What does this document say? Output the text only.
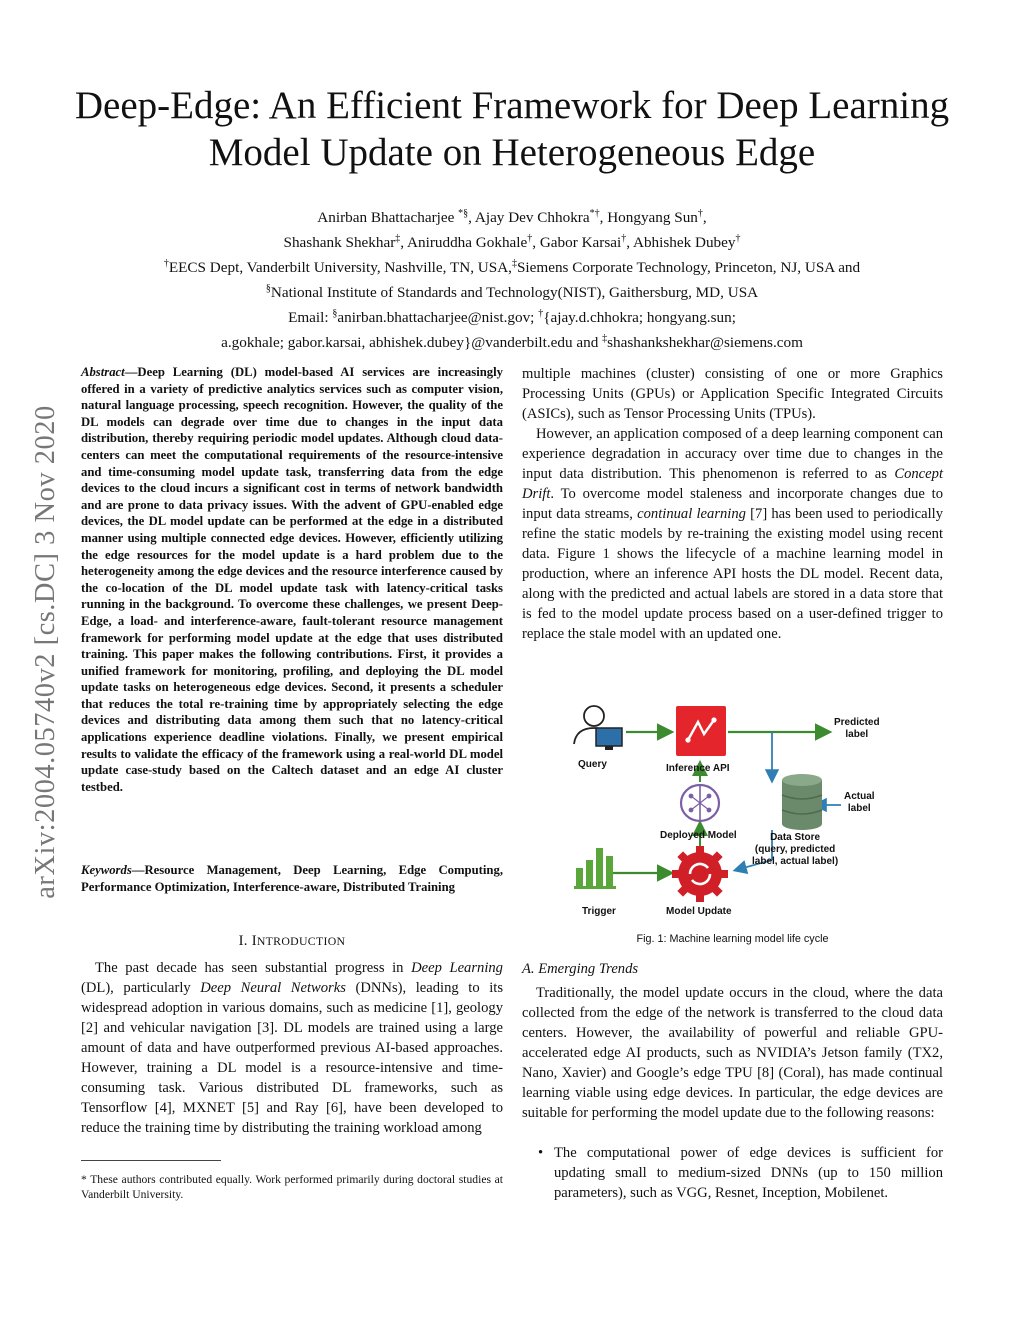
Deep-Edge: An Efficient Framework for Deep Learning Model Update on Heterogeneous Edge
Anirban Bhattacharjee *§, Ajay Dev Chhokra*†, Hongyang Sun†,
Shashank Shekhar‡, Aniruddha Gokhale†, Gabor Karsai†, Abhishek Dubey†
†EECS Dept, Vanderbilt University, Nashville, TN, USA,‡Siemens Corporate Technology, Princeton, NJ, USA and
§National Institute of Standards and Technology(NIST), Gaithersburg, MD, USA
Email: §anirban.bhattacharjee@nist.gov; †{ajay.d.chhokra; hongyang.sun;
a.gokhale; gabor.karsai, abhishek.dubey}@vanderbilt.edu and ‡shashankshekhar@siemens.com
arXiv:2004.05740v2 [cs.DC] 3 Nov 2020
Abstract—Deep Learning (DL) model-based AI services are increasingly offered in a variety of predictive analytics services such as computer vision, natural language processing, speech recognition. However, the quality of the DL models can degrade over time due to changes in the input data distribution, thereby requiring periodic model updates. Although cloud data-centers can meet the computational requirements of the resource-intensive and time-consuming model update task, transferring data from the edge devices to the cloud incurs a significant cost in terms of network bandwidth and are prone to data privacy issues. With the advent of GPU-enabled edge devices, the DL model update can be performed at the edge in a distributed manner using multiple connected edge devices. However, efficiently utilizing the edge resources for the model update is a hard problem due to the heterogeneity among the edge devices and the resource interference caused by the co-location of the DL model update task with latency-critical tasks running in the background. To overcome these challenges, we present Deep-Edge, a load- and interference-aware, fault-tolerant resource management framework for performing model update at the edge that uses distributed training. This paper makes the following contributions. First, it provides a unified framework for monitoring, profiling, and deploying the DL model update tasks on heterogeneous edge devices. Second, it presents a scheduler that reduces the total re-training time by appropriately selecting the edge devices and distributing data among them such that no latency-critical applications experience deadline violations. Finally, we present empirical results to validate the efficacy of the framework using a real-world DL model update case-study based on the Caltech dataset and an edge AI cluster testbed.
Keywords—Resource Management, Deep Learning, Edge Computing, Performance Optimization, Interference-aware, Distributed Training
I. INTRODUCTION
The past decade has seen substantial progress in Deep Learning (DL), particularly Deep Neural Networks (DNNs), leading to its widespread adoption in various domains, such as medicine [1], geology [2] and vehicular navigation [3]. DL models are trained using a large amount of data and have outperformed previous AI-based approaches. However, training a DL model is a resource-intensive and time-consuming task. Various distributed DL frameworks, such as Tensorflow [4], MXNET [5] and Ray [6], have been developed to reduce the training time by distributing the training workload among
* These authors contributed equally. Work performed primarily during doctoral studies at Vanderbilt University.
multiple machines (cluster) consisting of one or more Graphics Processing Units (GPUs) or Application Specific Integrated Circuits (ASICs), such as Tensor Processing Units (TPUs).
However, an application composed of a deep learning component can experience degradation in accuracy over time due to changes in the input data distribution. This phenomenon is referred to as Concept Drift. To overcome model staleness and incorporate changes due to input data streams, continual learning [7] has been used to periodically refine the static models by re-training the existing model using recent data. Figure 1 shows the lifecycle of a machine learning model in production, where an inference API hosts the DL model. Recent data, along with the predicted and actual labels are stored in a data store that is fed to the model update process based on a user-defined trigger to replace the stale model with an updated one.
Query	Inference API
Predicted
label
Actual
label
Deployed Model	Data Store
(query, predicted
label, actual label)
Trigger	Model Update
Fig. 1: Machine learning model life cycle
A. Emerging Trends
Traditionally, the model update occurs in the cloud, where the data collected from the edge of the network is transferred to the cloud data centers. However, the availability of powerful and reliable GPU-accelerated edge AI products, such as NVIDIA’s Jetson family (TX2, Nano, Xavier) and Google’s edge TPU [8] (Coral), has made continual learning viable using edge devices. In particular, the edge devices are suitable for performing the model update due to the following reasons:
• The computational power of edge devices is sufficient for updating small to medium-sized DNNs (up to 150 million parameters), such as VGG, Resnet, Inception, Mobilenet.
